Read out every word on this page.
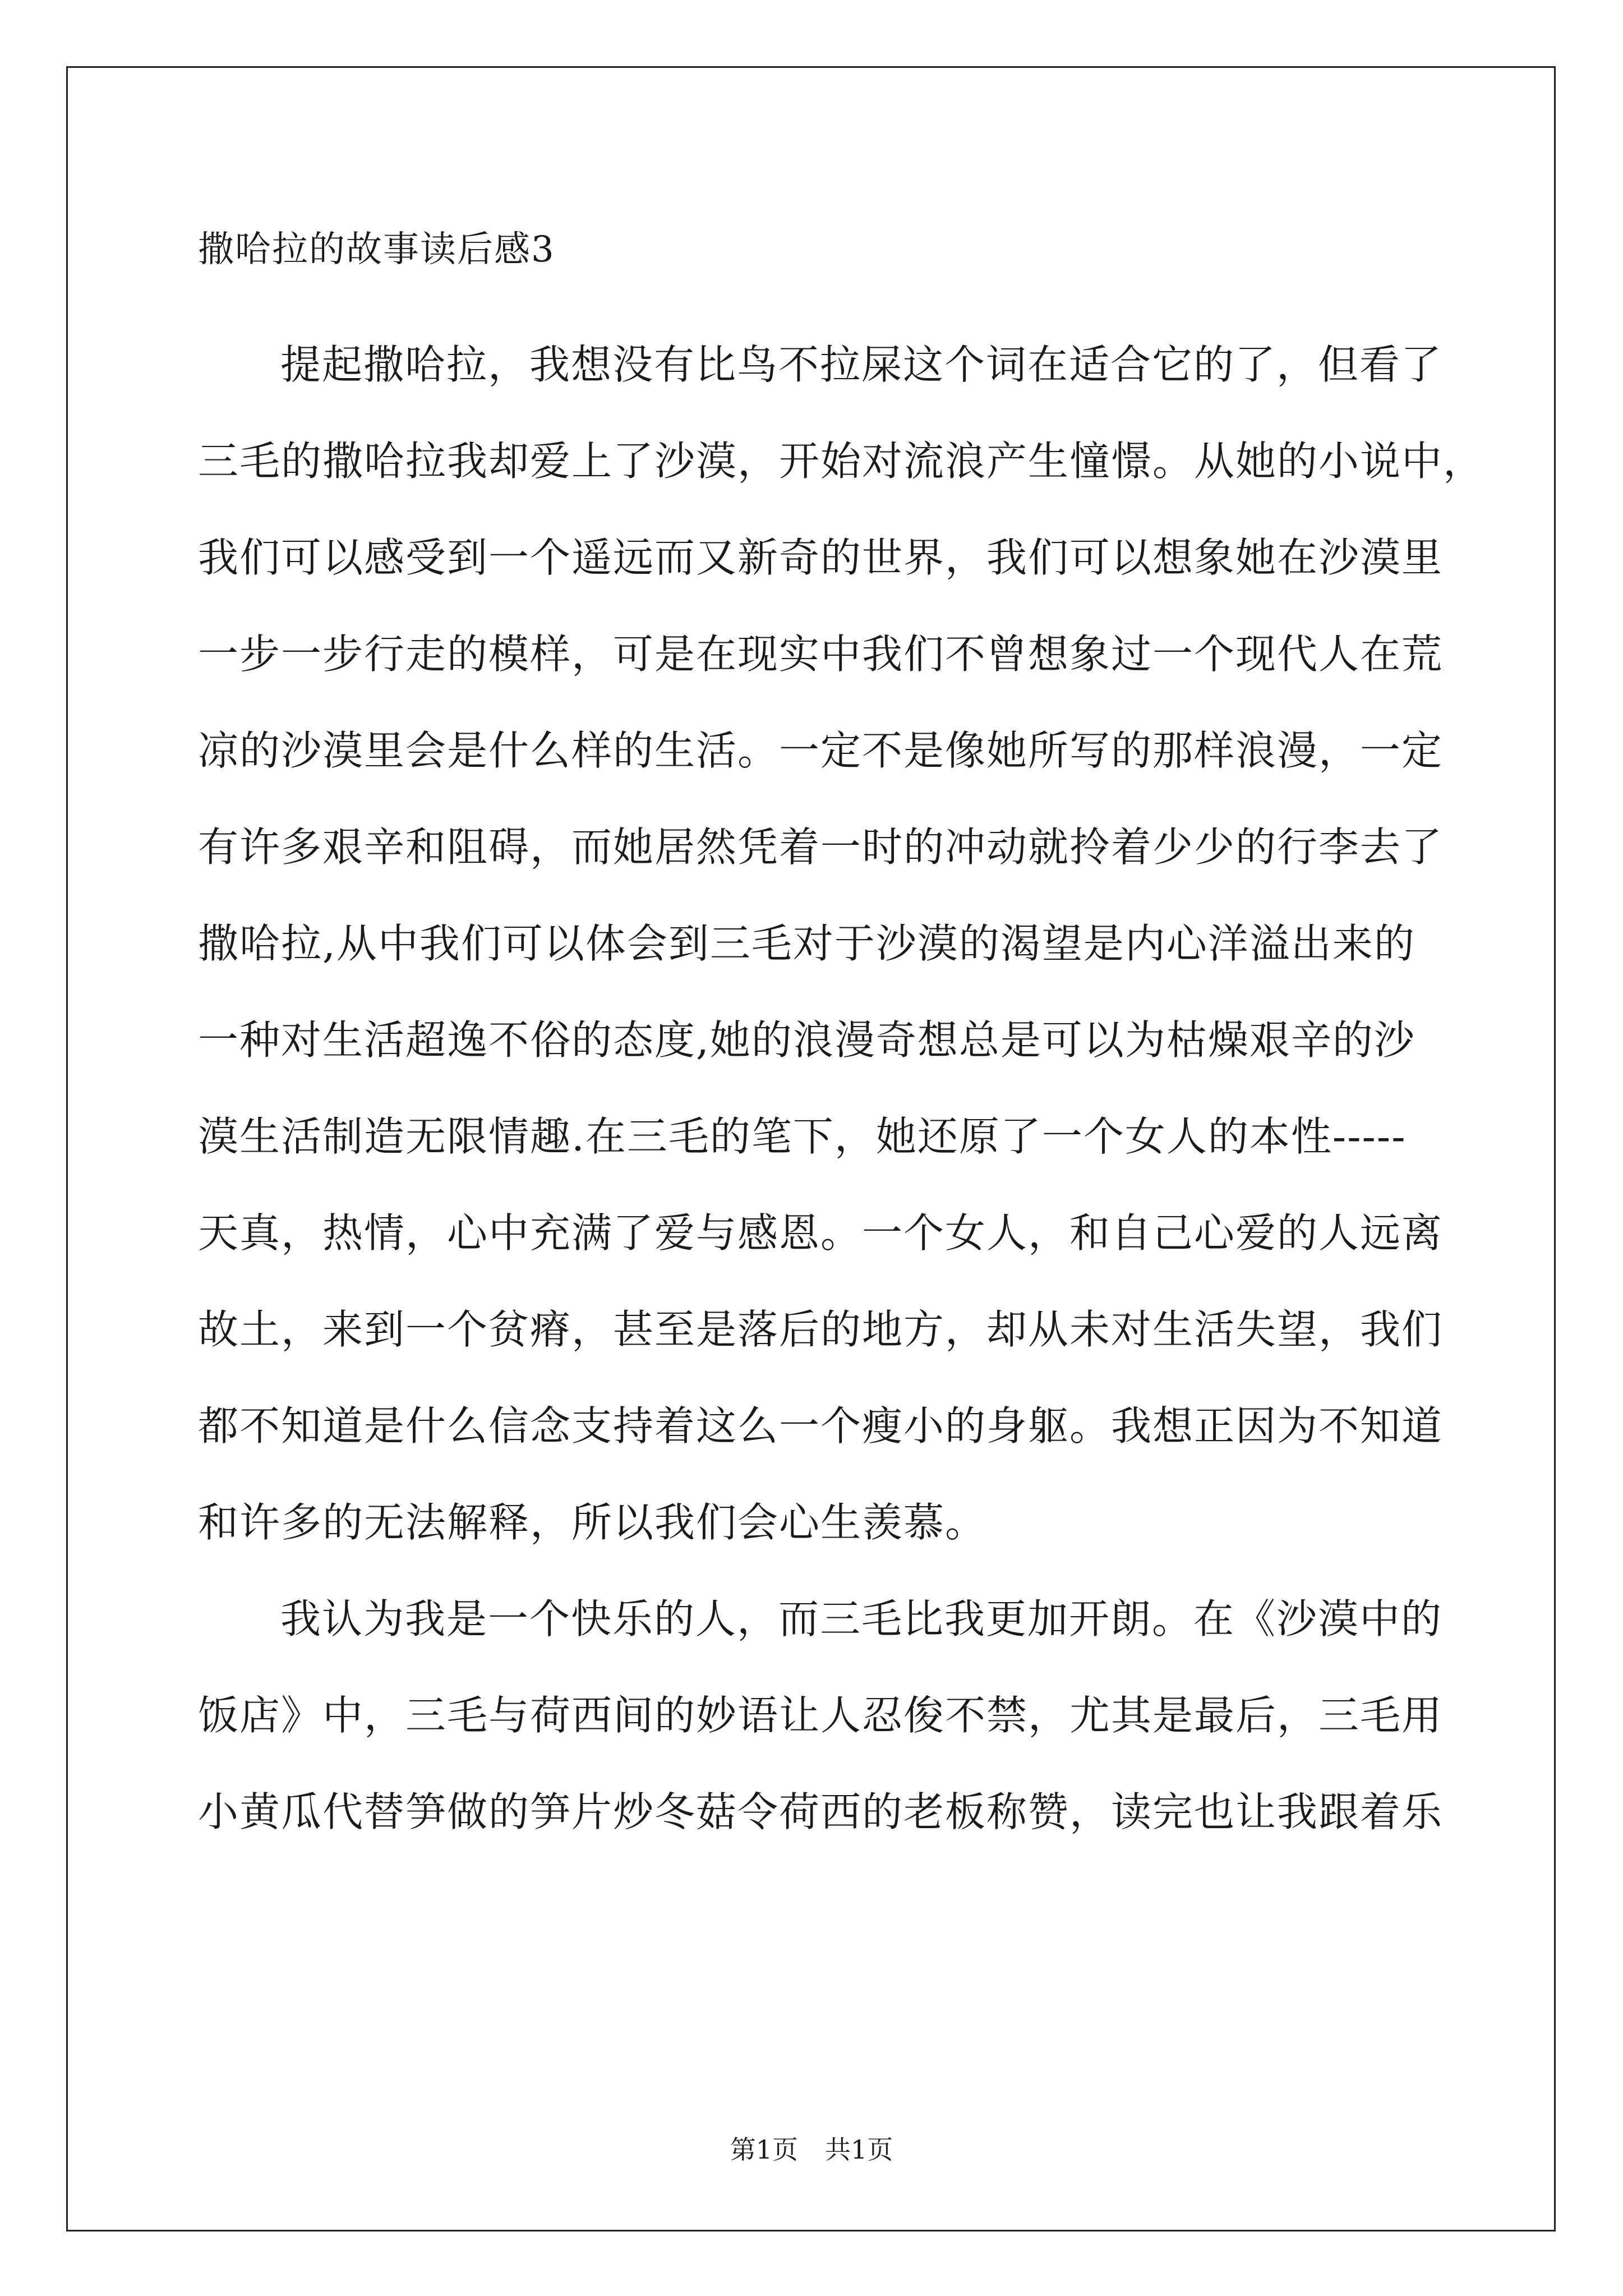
撒哈拉的故事读后感3
提起撒哈拉，我想没有比鸟不拉屎这个词在适合它的了，但看了
三毛的撒哈拉我却爱上了沙漠，开始对流浪产生憧憬。从她的小说中，
我们可以感受到一个遥远而又新奇的世界，我们可以想象她在沙漠里
一步一步行走的模样，可是在现实中我们不曾想象过一个现代人在荒
凉的沙漠里会是什么样的生活。一定不是像她所写的那样浪漫，一定
有许多艰辛和阻碍，而她居然凭着一时的冲动就拎着少少的行李去了
撒哈拉,从中我们可以体会到三毛对于沙漠的渴望是内心洋溢出来的
一种对生活超逸不俗的态度,她的浪漫奇想总是可以为枯燥艰辛的沙
漠生活制造无限情趣.在三毛的笔下，她还原了一个女人的本性-----
天真，热情，心中充满了爱与感恩。一个女人，和自己心爱的人远离
故土，来到一个贫瘠，甚至是落后的地方，却从未对生活失望，我们
都不知道是什么信念支持着这么一个瘦小的身躯。我想正因为不知道
和许多的无法解释，所以我们会心生羡慕。
我认为我是一个快乐的人，而三毛比我更加开朗。在《沙漠中的
饭店》中，三毛与荷西间的妙语让人忍俊不禁，尤其是最后，三毛用
小黄瓜代替笋做的笋片炒冬菇令荷西的老板称赞，读完也让我跟着乐
第1页 共1页
